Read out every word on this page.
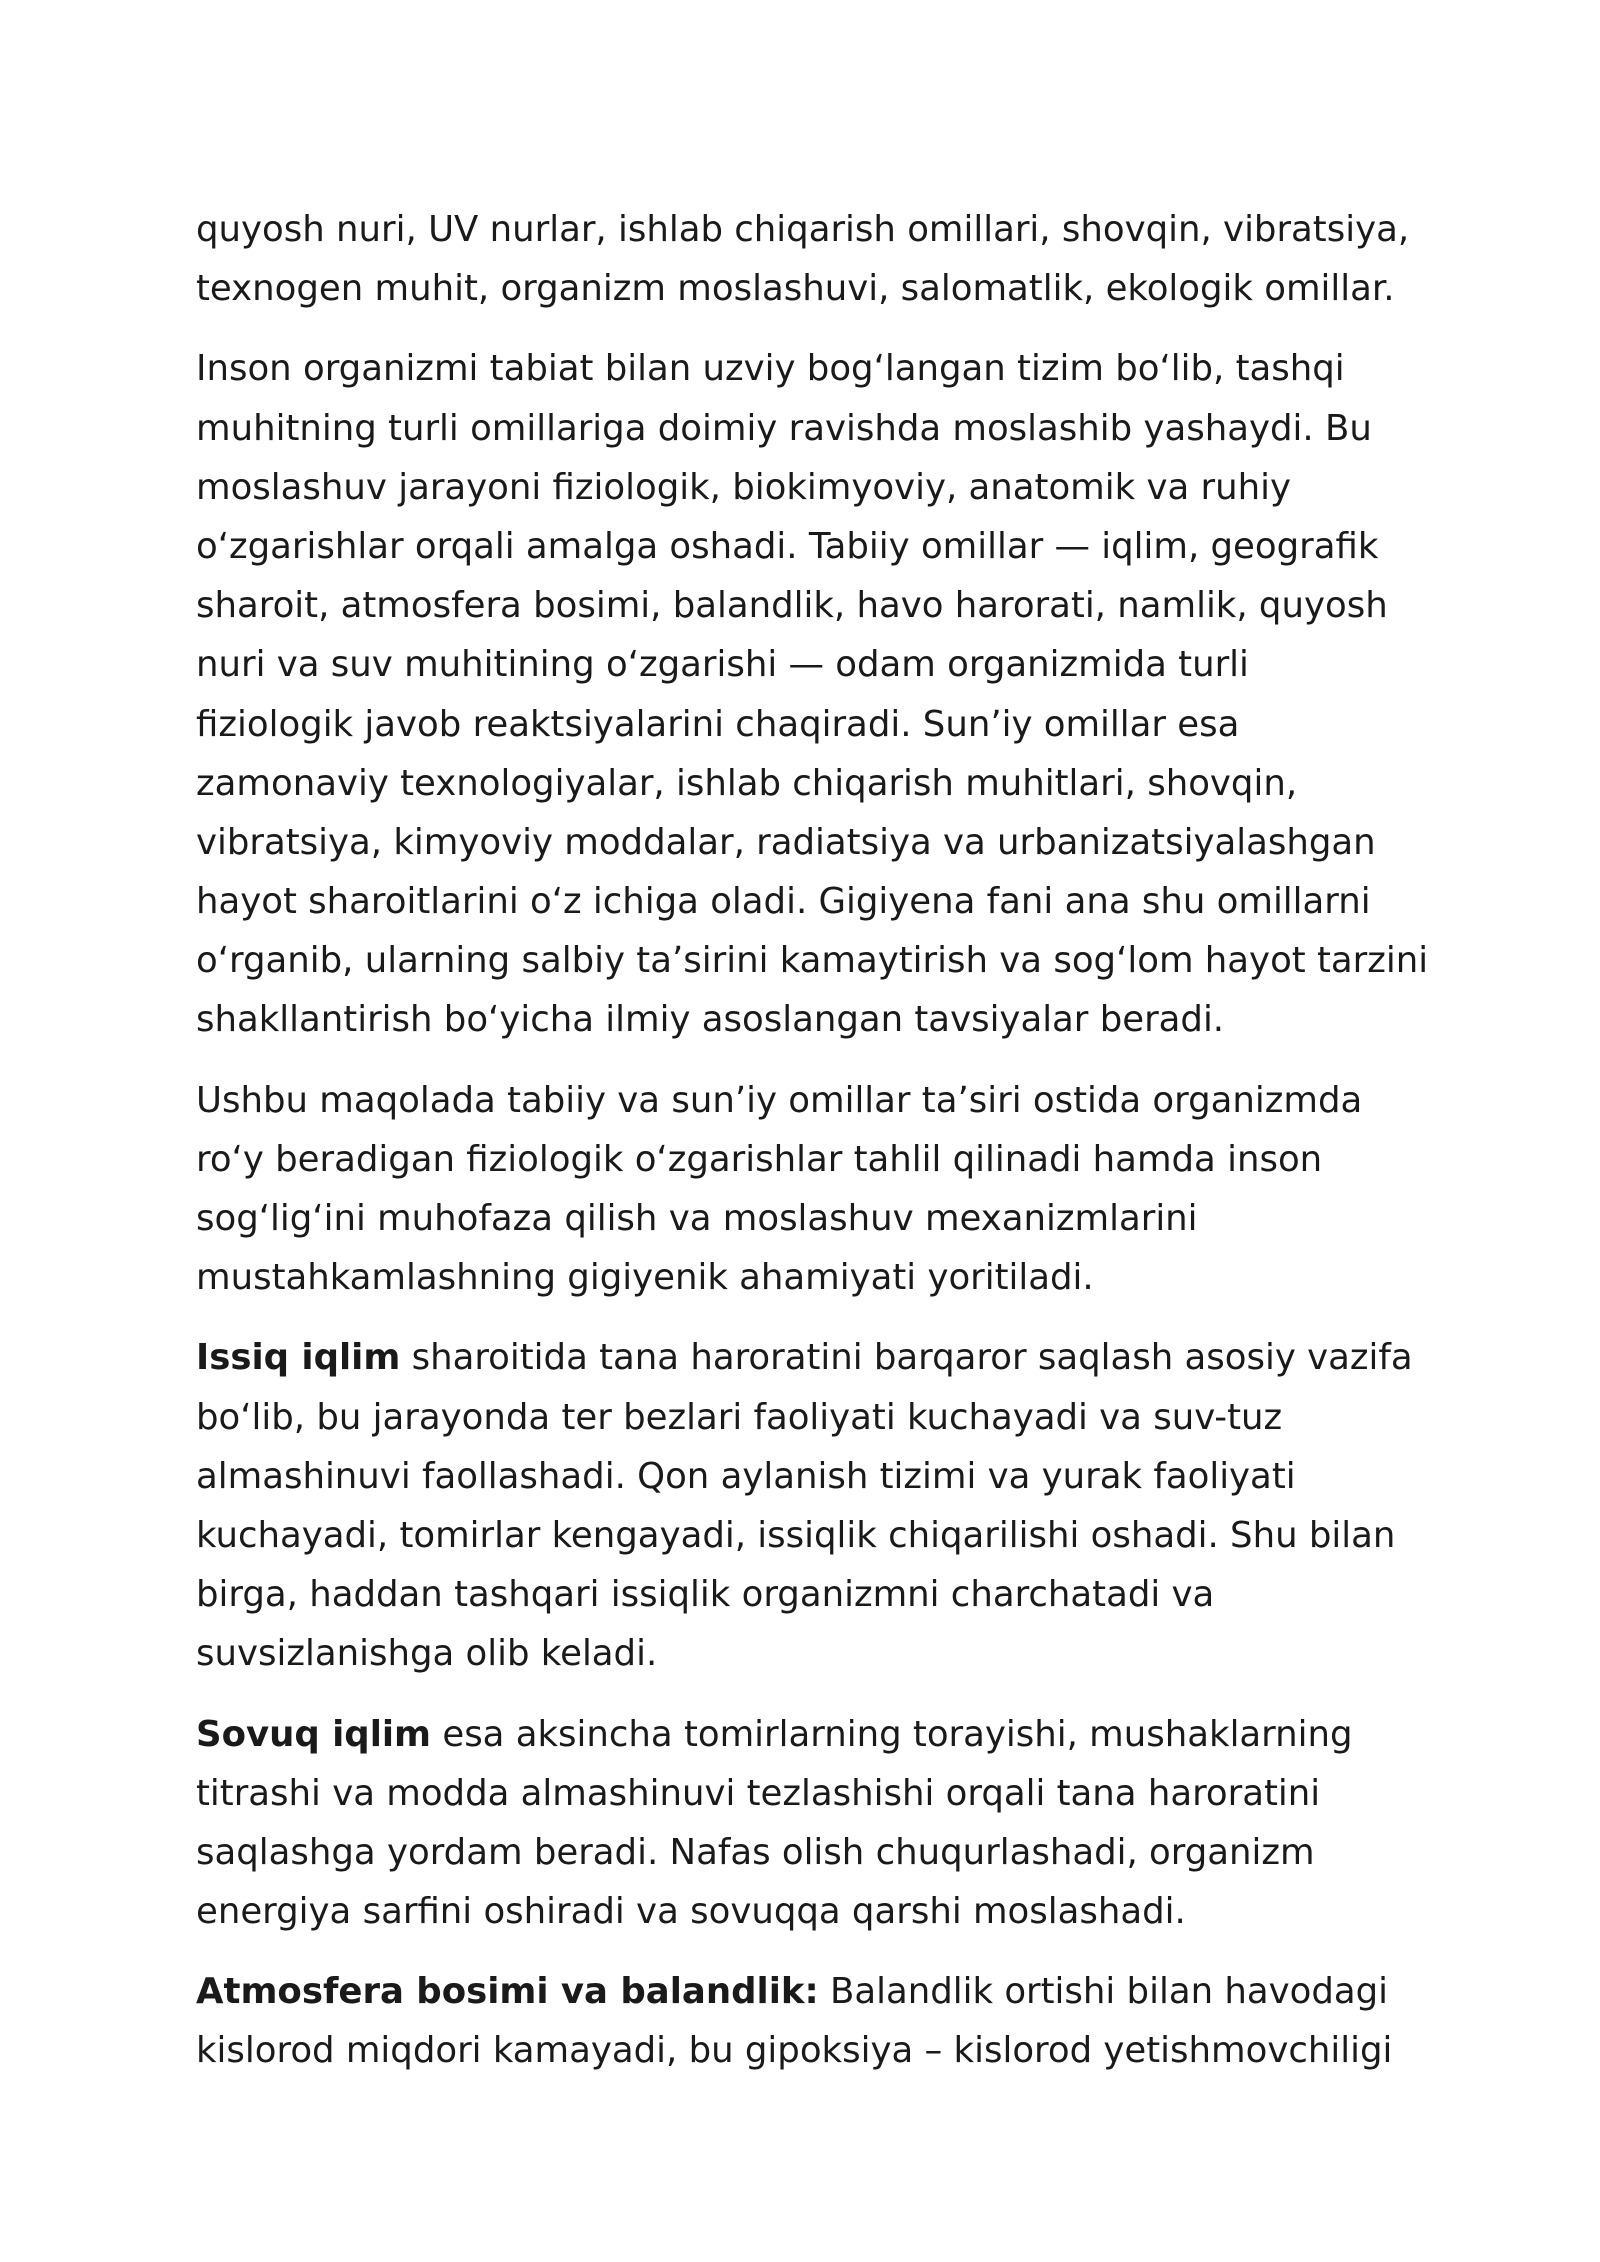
quyosh nuri, UV nurlar, ishlab chiqarish omillari, shovqin, vibratsiya,
texnogen muhit, organizm moslashuvi, salomatlik, ekologik omillar.

Inson organizmi tabiat bilan uzviy bog‘langan tizim bo‘lib, tashqi
muhitning turli omillariga doimiy ravishda moslashib yashaydi. Bu
moslashuv jarayoni fiziologik, biokimyoviy, anatomik va ruhiy
o‘zgarishlar orqali amalga oshadi. Tabiiy omillar — iqlim, geografik
sharoit, atmosfera bosimi, balandlik, havo harorati, namlik, quyosh
nuri va suv muhitining o‘zgarishi — odam organizmida turli
fiziologik javob reaktsiyalarini chaqiradi. Sun’iy omillar esa
zamonaviy texnologiyalar, ishlab chiqarish muhitlari, shovqin,
vibratsiya, kimyoviy moddalar, radiatsiya va urbanizatsiyalashgan
hayot sharoitlarini o‘z ichiga oladi. Gigiyena fani ana shu omillarni
o‘rganib, ularning salbiy ta’sirini kamaytirish va sog‘lom hayot tarzini
shakllantirish bo‘yicha ilmiy asoslangan tavsiyalar beradi.

Ushbu maqolada tabiiy va sun’iy omillar ta’siri ostida organizmda
ro‘y beradigan fiziologik o‘zgarishlar tahlil qilinadi hamda inson
sog‘lig‘ini muhofaza qilish va moslashuv mexanizmlarini
mustahkamlashning gigiyenik ahamiyati yoritiladi.

Issiq iqlim sharoitida tana haroratini barqaror saqlash asosiy vazifa
bo‘lib, bu jarayonda ter bezlari faoliyati kuchayadi va suv-tuz
almashinuvi faollashadi. Qon aylanish tizimi va yurak faoliyati
kuchayadi, tomirlar kengayadi, issiqlik chiqarilishi oshadi. Shu bilan
birga, haddan tashqari issiqlik organizmni charchatadi va
suvsizlanishga olib keladi.

Sovuq iqlim esa aksincha tomirlarning torayishi, mushaklarning
titrashi va modda almashinuvi tezlashishi orqali tana haroratini
saqlashga yordam beradi. Nafas olish chuqurlashadi, organizm
energiya sarfini oshiradi va sovuqqa qarshi moslashadi.

Atmosfera bosimi va balandlik: Balandlik ortishi bilan havodagi
kislorod miqdori kamayadi, bu gipoksiya – kislorod yetishmovchiligi
